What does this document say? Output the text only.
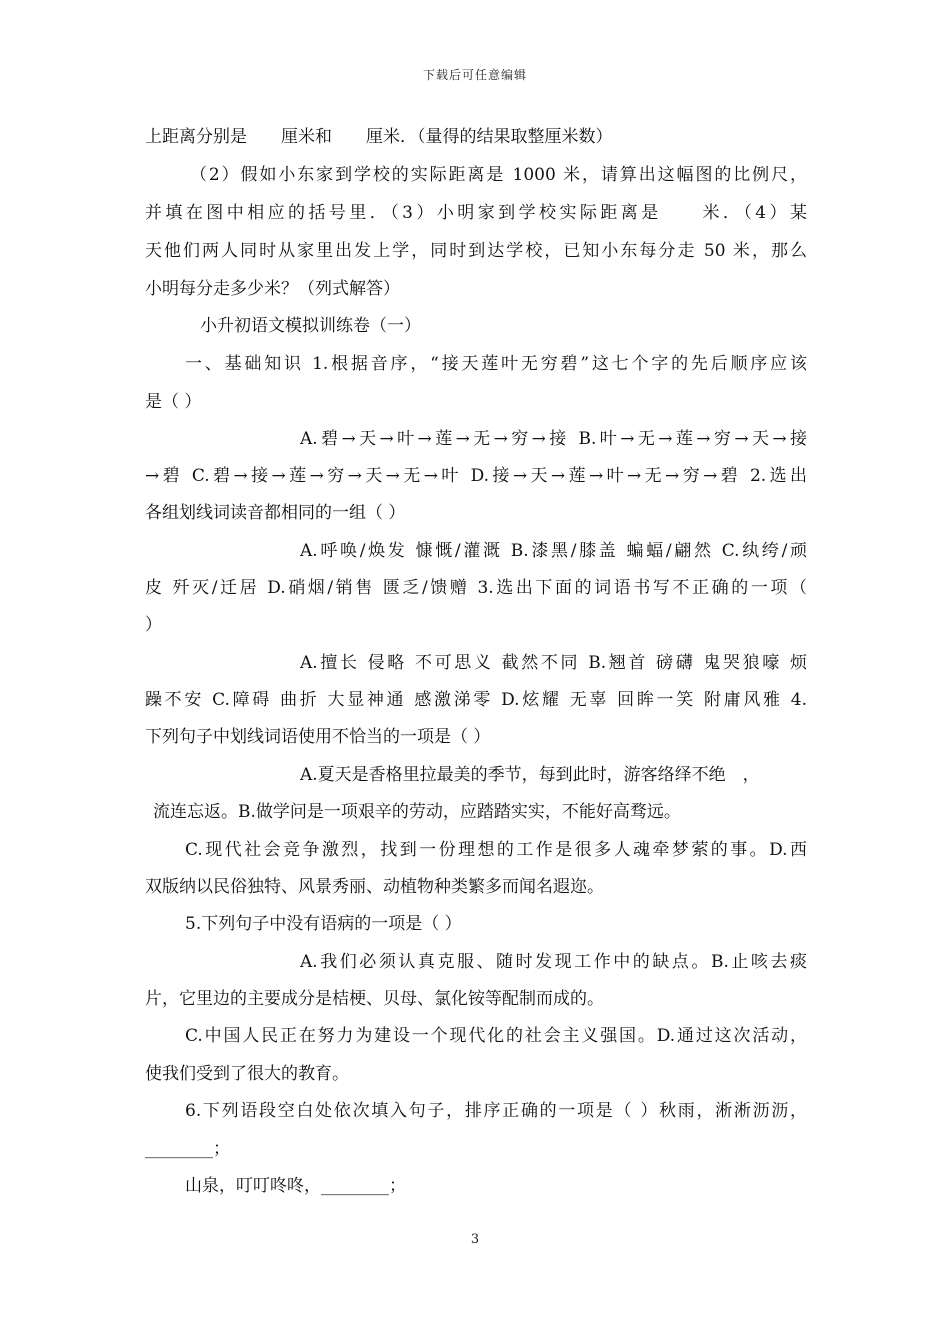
下载后可任意编辑
上距离分别是　　厘米和　　厘米．（量得的结果取整厘米数）
（2）假如小东家到学校的实际距离是 1000 米，请算出这幅图的比例尺，
并填在图中相应的括号里．（3）小明家到学校实际距离是　　米．（4）某
天他们两人同时从家里出发上学，同时到达学校，已知小东每分走 50 米，那么
小明每分走多少米？（列式解答）
小升初语文模拟训练卷（一）
一、基础知识 1.根据音序，“接天莲叶无穷碧”这七个字的先后顺序应该
是（ ）
A.碧→天→叶→莲→无→穷→接 B.叶→无→莲→穷→天→接
→碧 C.碧→接→莲→穷→天→无→叶 D.接→天→莲→叶→无→穷→碧 2.选出
各组划线词读音都相同的一组（ ）
A.呼唤/焕发 慷慨/灌溉 B.漆黑/膝盖 蝙蝠/翩然 C.纨绔/顽
皮 歼灭/迁居 D.硝烟/销售 匮乏/馈赠 3.选出下面的词语书写不正确的一项（
）
A.擅长 侵略 不可思义 截然不同 B.翘首 磅礴 鬼哭狼嚎 烦
躁不安 C.障碍 曲折 大显神通 感激涕零 D.炫耀 无辜 回眸一笑 附庸风雅 4.
下列句子中划线词语使用不恰当的一项是（ ）
A.夏天是香格里拉最美的季节，每到此时，游客络绎不绝　，
流连忘返。B.做学问是一项艰辛的劳动，应踏踏实实，不能好高骛远。
C.现代社会竞争激烈，找到一份理想的工作是很多人魂牵梦萦的事。D.西
双版纳以民俗独特、风景秀丽、动植物种类繁多而闻名遐迩。
5.下列句子中没有语病的一项是（ ）
A.我们必须认真克服、随时发现工作中的缺点。B.止咳去痰
片，它里边的主要成分是桔梗、贝母、氯化铵等配制而成的。
C.中国人民正在努力为建设一个现代化的社会主义强国。D.通过这次活动，
使我们受到了很大的教育。
6.下列语段空白处依次填入句子，排序正确的一项是（ ）秋雨，淅淅沥沥，
________；
山泉，叮叮咚咚，________；
3
